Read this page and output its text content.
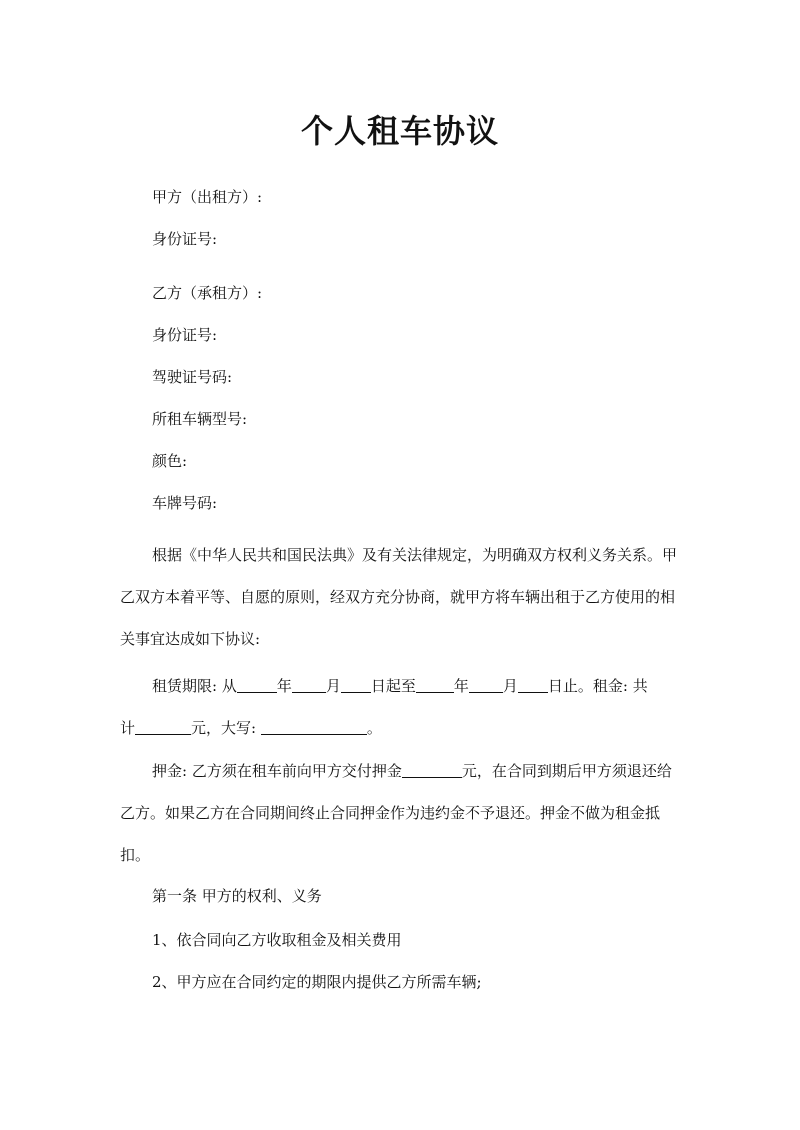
个人租车协议
甲方（出租方）:
身份证号:
乙方（承租方）:
身份证号:
驾驶证号码:
所租车辆型号:
颜色:
车牌号码:
根据《中华人民共和国民法典》及有关法律规定，为明确双方权利义务关系。甲乙双方本着平等、自愿的原则，经双方充分协商，就甲方将车辆出租于乙方使用的相关事宜达成如下协议:
租赁期限: 从	年 月 日起至	年 月 日止。租金: 共
计	元，大写:	。
押金: 乙方须在租车前向甲方交付押金	元，在合同到期后甲方须退还给乙方。如果乙方在合同期间终止合同押金作为违约金不予退还。押金不做为租金抵扣。
第一条 甲方的权利、义务
1、依合同向乙方收取租金及相关费用
2、甲方应在合同约定的期限内提供乙方所需车辆;
